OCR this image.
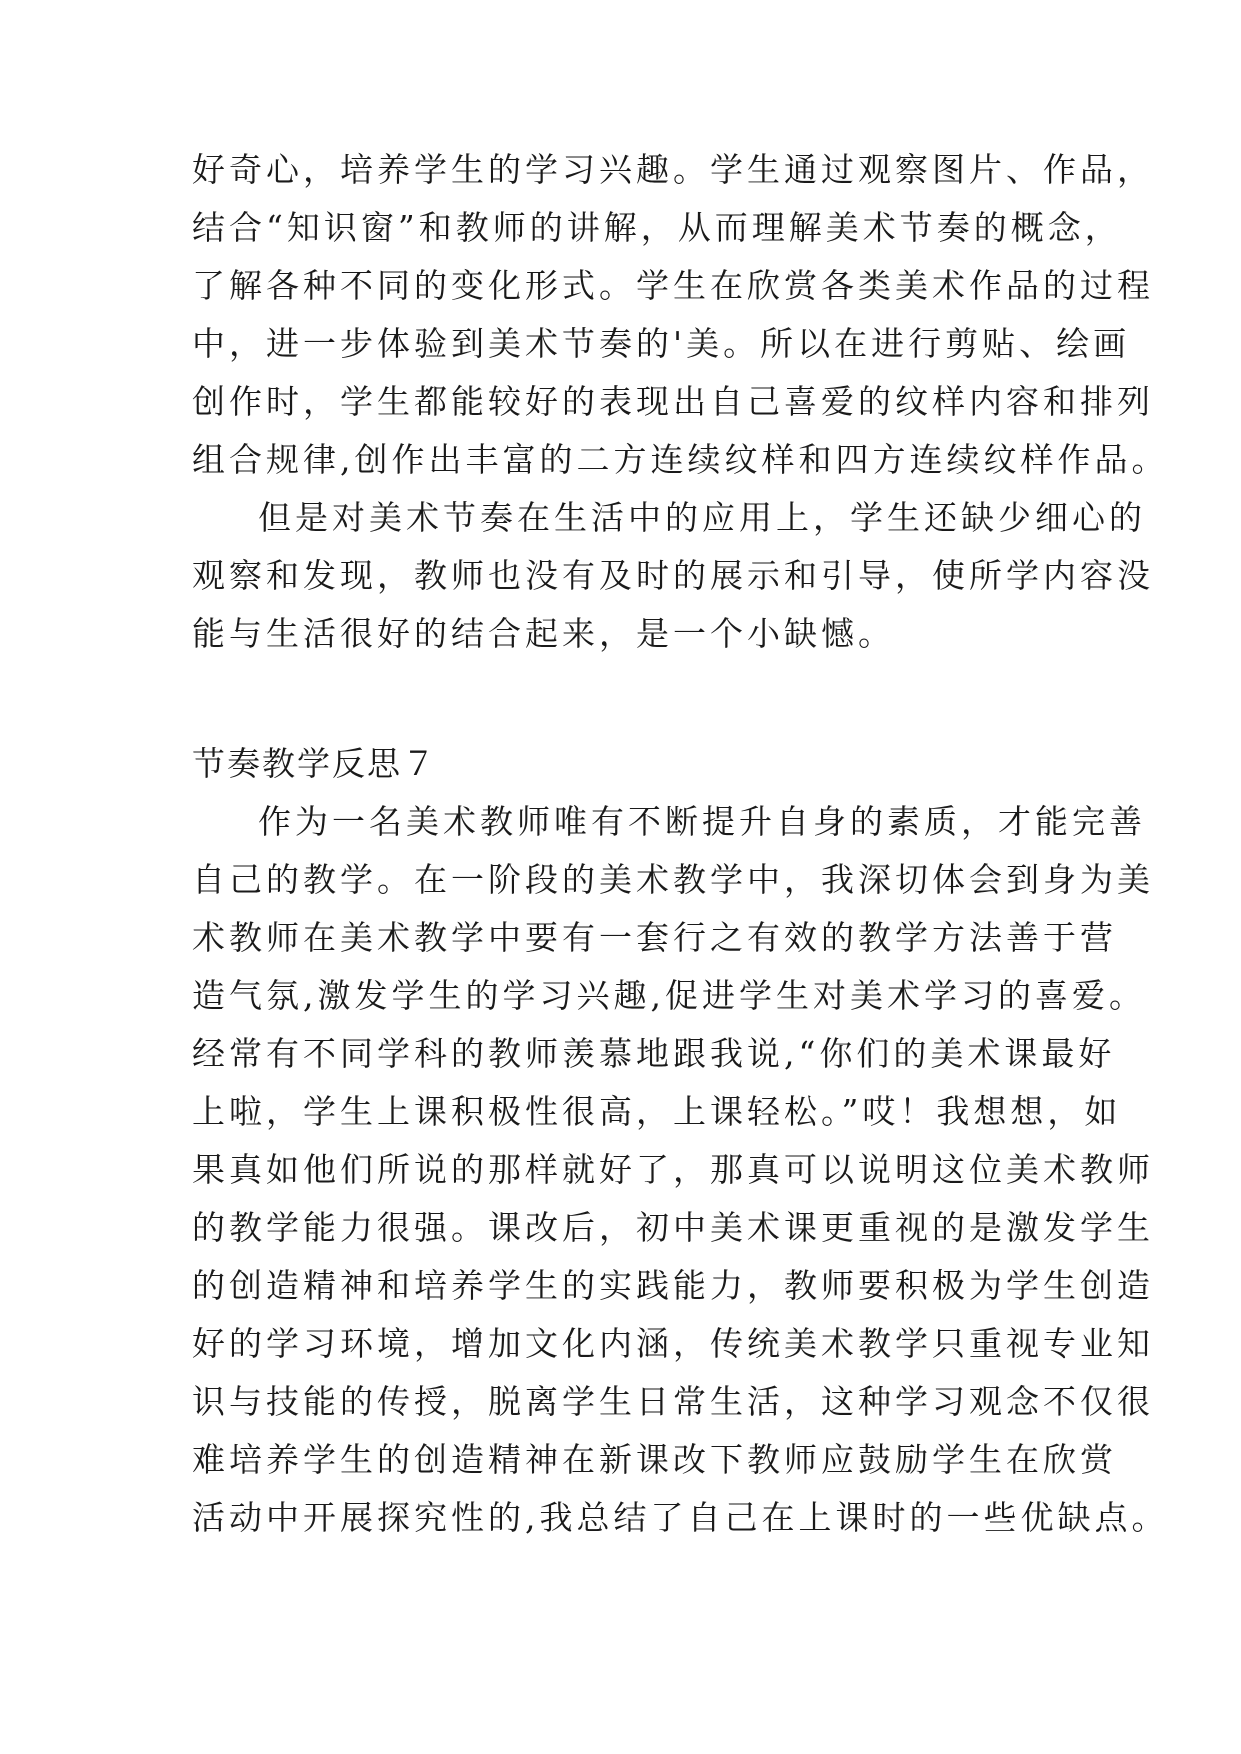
好奇心，培养学生的学习兴趣。学生通过观察图片、作品，
结合“知识窗”和教师的讲解，从而理解美术节奏的概念，
了解各种不同的变化形式。学生在欣赏各类美术作品的过程
中，进一步体验到美术节奏的'美。所以在进行剪贴、绘画
创作时，学生都能较好的表现出自己喜爱的纹样内容和排列
组合规律,创作出丰富的二方连续纹样和四方连续纹样作品。
但是对美术节奏在生活中的应用上，学生还缺少细心的
观察和发现，教师也没有及时的展示和引导，使所学内容没
能与生活很好的结合起来，是一个小缺憾。
节奏教学反思７
作为一名美术教师唯有不断提升自身的素质，才能完善
自己的教学。在一阶段的美术教学中，我深切体会到身为美
术教师在美术教学中要有一套行之有效的教学方法善于营
造气氛,激发学生的学习兴趣,促进学生对美术学习的喜爱。
经常有不同学科的教师羡慕地跟我说,“你们的美术课最好
上啦，学生上课积极性很高，上课轻松。”哎！我想想，如
果真如他们所说的那样就好了，那真可以说明这位美术教师
的教学能力很强。课改后，初中美术课更重视的是激发学生
的创造精神和培养学生的实践能力，教师要积极为学生创造
好的学习环境，增加文化内涵，传统美术教学只重视专业知
识与技能的传授，脱离学生日常生活，这种学习观念不仅很
难培养学生的创造精神在新课改下教师应鼓励学生在欣赏
活动中开展探究性的,我总结了自己在上课时的一些优缺点。
